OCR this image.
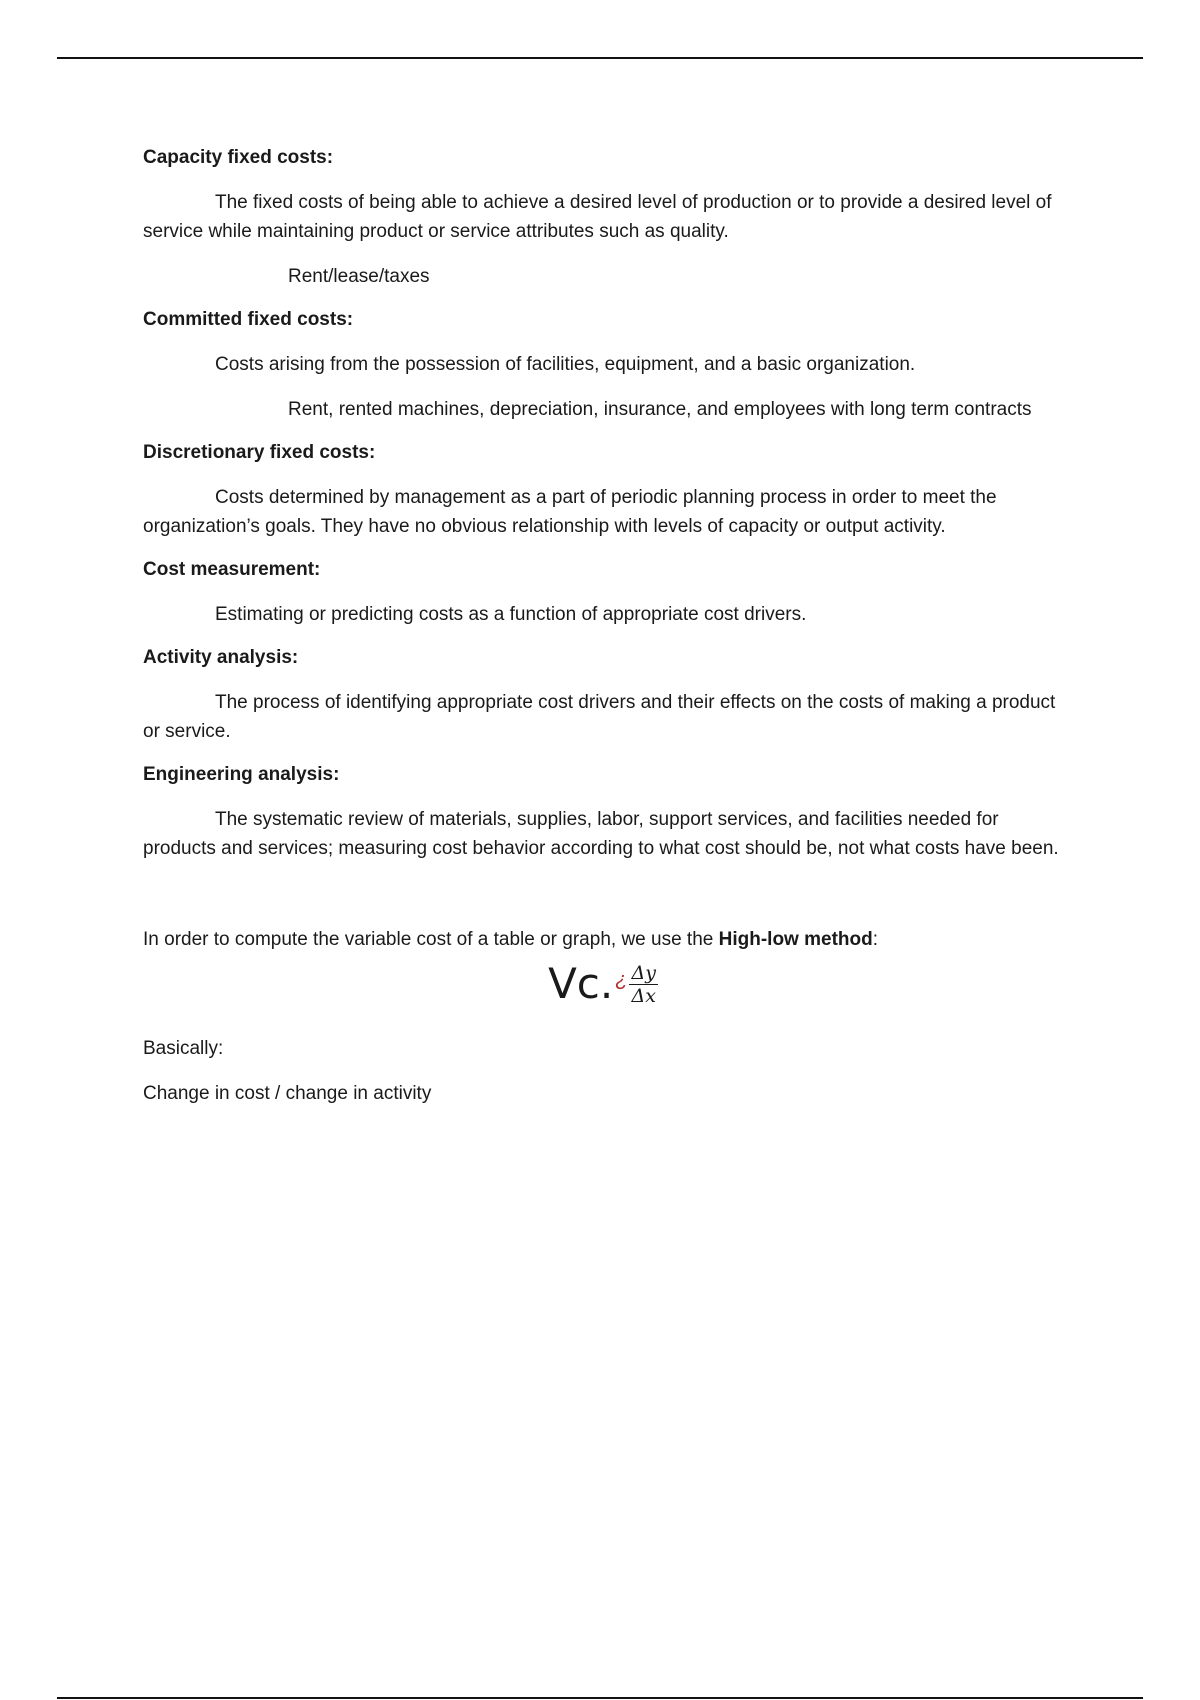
Capacity fixed costs:

The fixed costs of being able to achieve a desired level of production or to provide a desired level of service while maintaining product or service attributes such as quality.

Rent/lease/taxes

Committed fixed costs:

Costs arising from the possession of facilities, equipment, and a basic organization.

Rent, rented machines, depreciation, insurance, and employees with long term contracts

Discretionary fixed costs:

Costs determined by management as a part of periodic planning process in order to meet the organization’s goals. They have no obvious relationship with levels of capacity or output activity.

Cost measurement:

Estimating or predicting costs as a function of appropriate cost drivers.

Activity analysis:

The process of identifying appropriate cost drivers and their effects on the costs of making a product or service.

Engineering analysis:

The systematic review of materials, supplies, labor, support services, and facilities needed for products and services; measuring cost behavior according to what cost should be, not what costs have been.

In order to compute the variable cost of a table or graph, we use the High-low method:

Vc. ¿ $\frac{\Delta y}{\Delta x}$

Basically:

Change in cost / change in activity
